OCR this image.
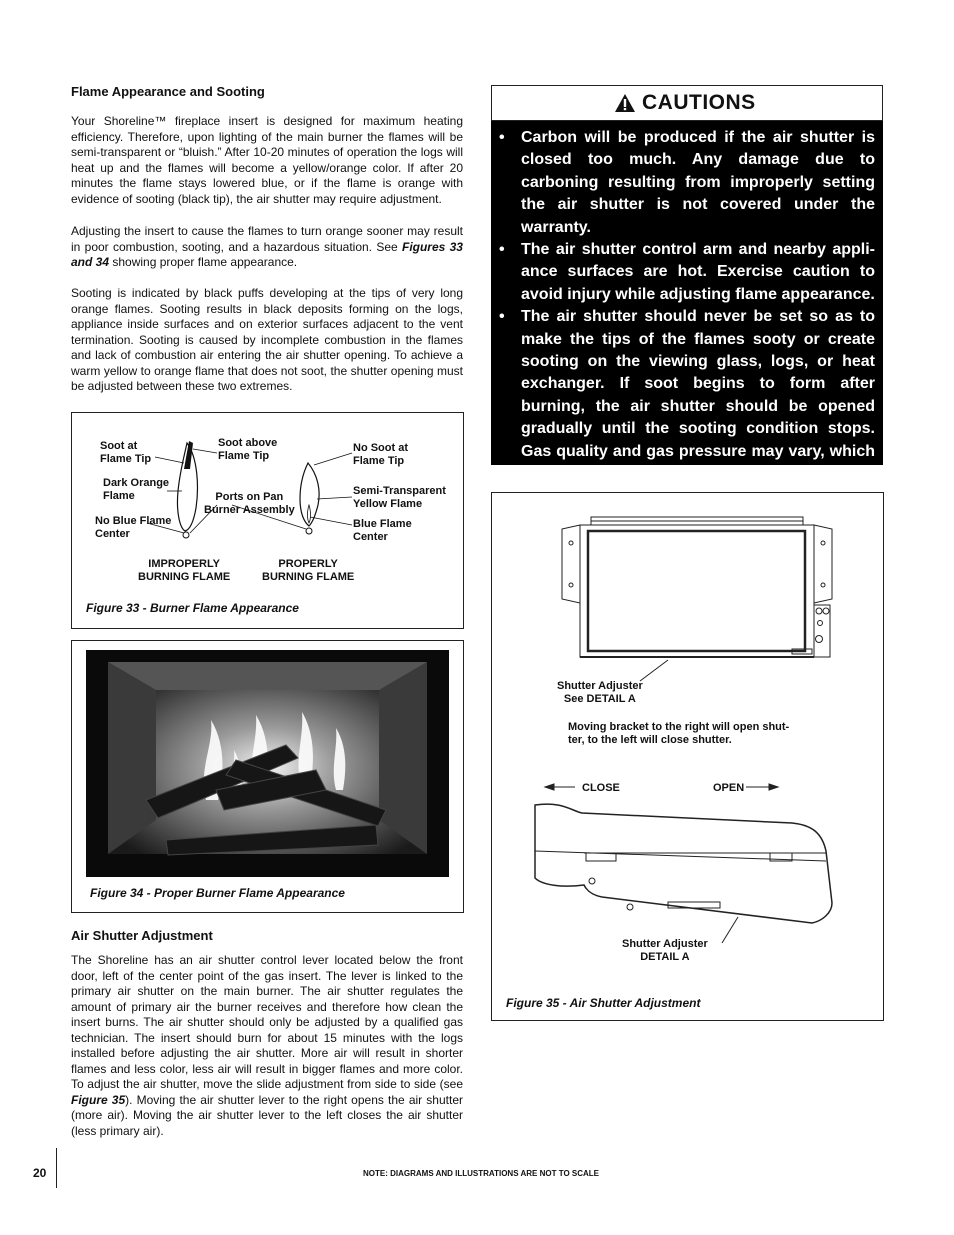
Flame Appearance and Sooting
Your Shoreline™ fireplace insert is designed for maximum heating efficiency. Therefore, upon lighting of the main burner the flames will be semi-transparent or “bluish.” After 10-20 minutes of operation the logs will heat up and the flames will become a yellow/orange color. If after 20 minutes the flame stays lowered blue, or if the flame is orange with evidence of sooting (black tip), the air shutter may require adjustment.
Adjusting the insert to cause the flames to turn orange sooner may result in poor combustion, sooting, and a hazardous situation. See Figures 33 and 34 showing proper flame appearance.
Sooting is indicated by black puffs developing at the tips of very long orange flames. Sooting results in black deposits forming on the logs, appliance inside surfaces and on exterior surfaces adjacent to the vent termination. Sooting is caused by incomplete combustion in the flames and lack of combustion air entering the air shutter opening. To achieve a warm yellow to orange flame that does not soot, the shutter opening must be adjusted between these two extremes.
Soot at
Flame Tip
Soot above
Flame Tip
No Soot at
Flame Tip
Dark Orange
Flame	Ports on Pan
Burner Assembly
Semi-Transparent
Yellow Flame
No Blue Flame
Center
Blue Flame
Center
IMPROPERLY
BURNING FLAME
PROPERLY
BURNING FLAME
Figure 33 - Burner Flame Appearance
Figure 34 - Proper Burner Flame Appearance
Air Shutter Adjustment
The Shoreline has an air shutter control lever located below the front door, left of the center point of the gas insert. The lever is linked to the primary air shutter on the main burner. The air shutter regulates the amount of primary air the burner receives and therefore how clean the insert burns. The air shutter should only be adjusted by a qualified gas technician. The insert should burn for about 15 minutes with the logs installed before adjusting the air shutter. More air will result in shorter flames and less color, less air will result in bigger flames and more color. To adjust the air shutter, move the slide adjustment from side to side (see Figure 35). Moving the air shutter lever to the right opens the air shutter (more air). Moving the air shutter lever to the left closes the air shutter (less primary air).
CAUTIONS
• Carbon will be produced if the air shutter is closed too much. Any damage due to carboning resulting from improperly setting the air shutter is not covered under the warranty.
• The air shutter control arm and nearby appli-ance surfaces are hot. Exercise caution to avoid injury while adjusting flame appearance.
• The air shutter should never be set so as to make the tips of the flames sooty or create sooting on the viewing glass, logs, or heat exchanger. If soot begins to form after burning, the air shutter should be opened gradually until the sooting condition stops. Gas quality and gas pressure may vary, which can affect the burning charac-teristics of the insert.
Shutter Adjuster
See DETAIL A
Moving bracket to the right will open shut-
ter, to the left will close shutter.
CLOSE	OPEN
Shutter Adjuster
DETAIL A
Figure 35 - Air Shutter Adjustment
20	NOTE: DIAGRAMS AND ILLUSTRATIONS ARE NOT TO SCALE
